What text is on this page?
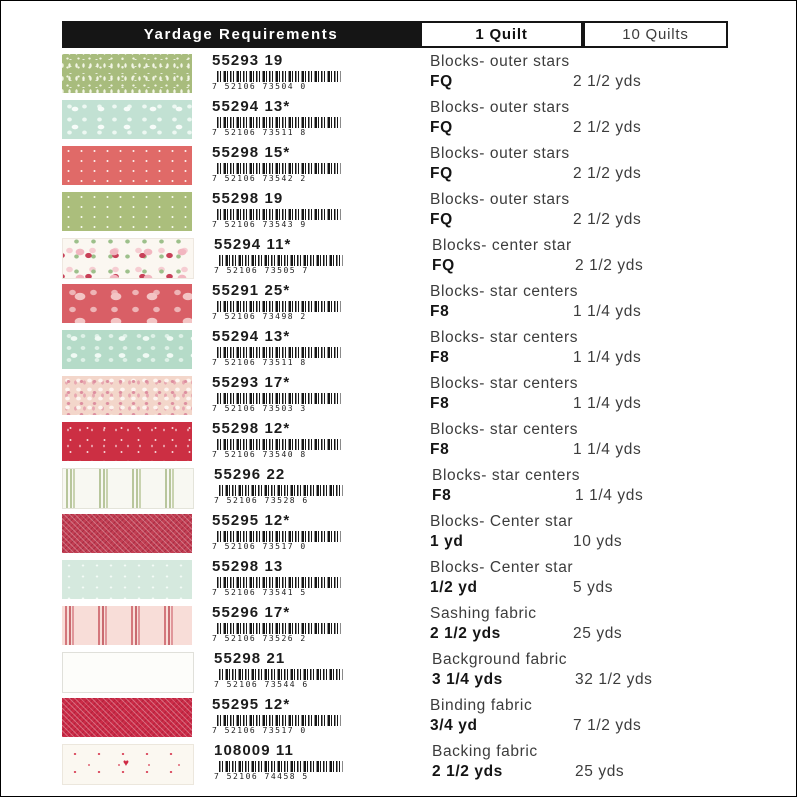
Yardage Requirements	1 Quilt	10 Quilts
55293 19
7 52106 73504 0
Blocks- outer stars
FQ	2 1/2 yds
55294 13*
7 52106 73511 8
Blocks- outer stars
FQ	2 1/2 yds
55298 15*
7 52106 73542 2
Blocks- outer stars
FQ	2 1/2 yds
55298 19
7 52106 73543 9
Blocks- outer stars
FQ	2 1/2 yds
55294 11*
7 52106 73505 7
Blocks- center star
FQ	2 1/2 yds
55291 25*
7 52106 73498 2
Blocks- star centers
F8	1 1/4 yds
55294 13*
7 52106 73511 8
Blocks- star centers
F8	1 1/4 yds
55293 17*
7 52106 73503 3
Blocks- star centers
F8	1 1/4 yds
55298 12*
7 52106 73540 8
Blocks- star centers
F8	1 1/4 yds
55296 22
7 52106 73528 6
Blocks- star centers
F8	1 1/4 yds
55295 12*
7 52106 73517 0
Blocks- Center star
1 yd	10 yds
55298 13
7 52106 73541 5
Blocks- Center star
1/2 yd	5 yds
55296 17*
7 52106 73526 2
Sashing fabric
2 1/2 yds	25 yds
55298 21
7 52106 73544 6
Background fabric
3 1/4 yds	32 1/2 yds
55295 12*
7 52106 73517 0
Binding fabric
3/4 yd	7 1/2 yds
♥
108009 11
7 52106 74458 5
Backing fabric
2 1/2 yds	25 yds
